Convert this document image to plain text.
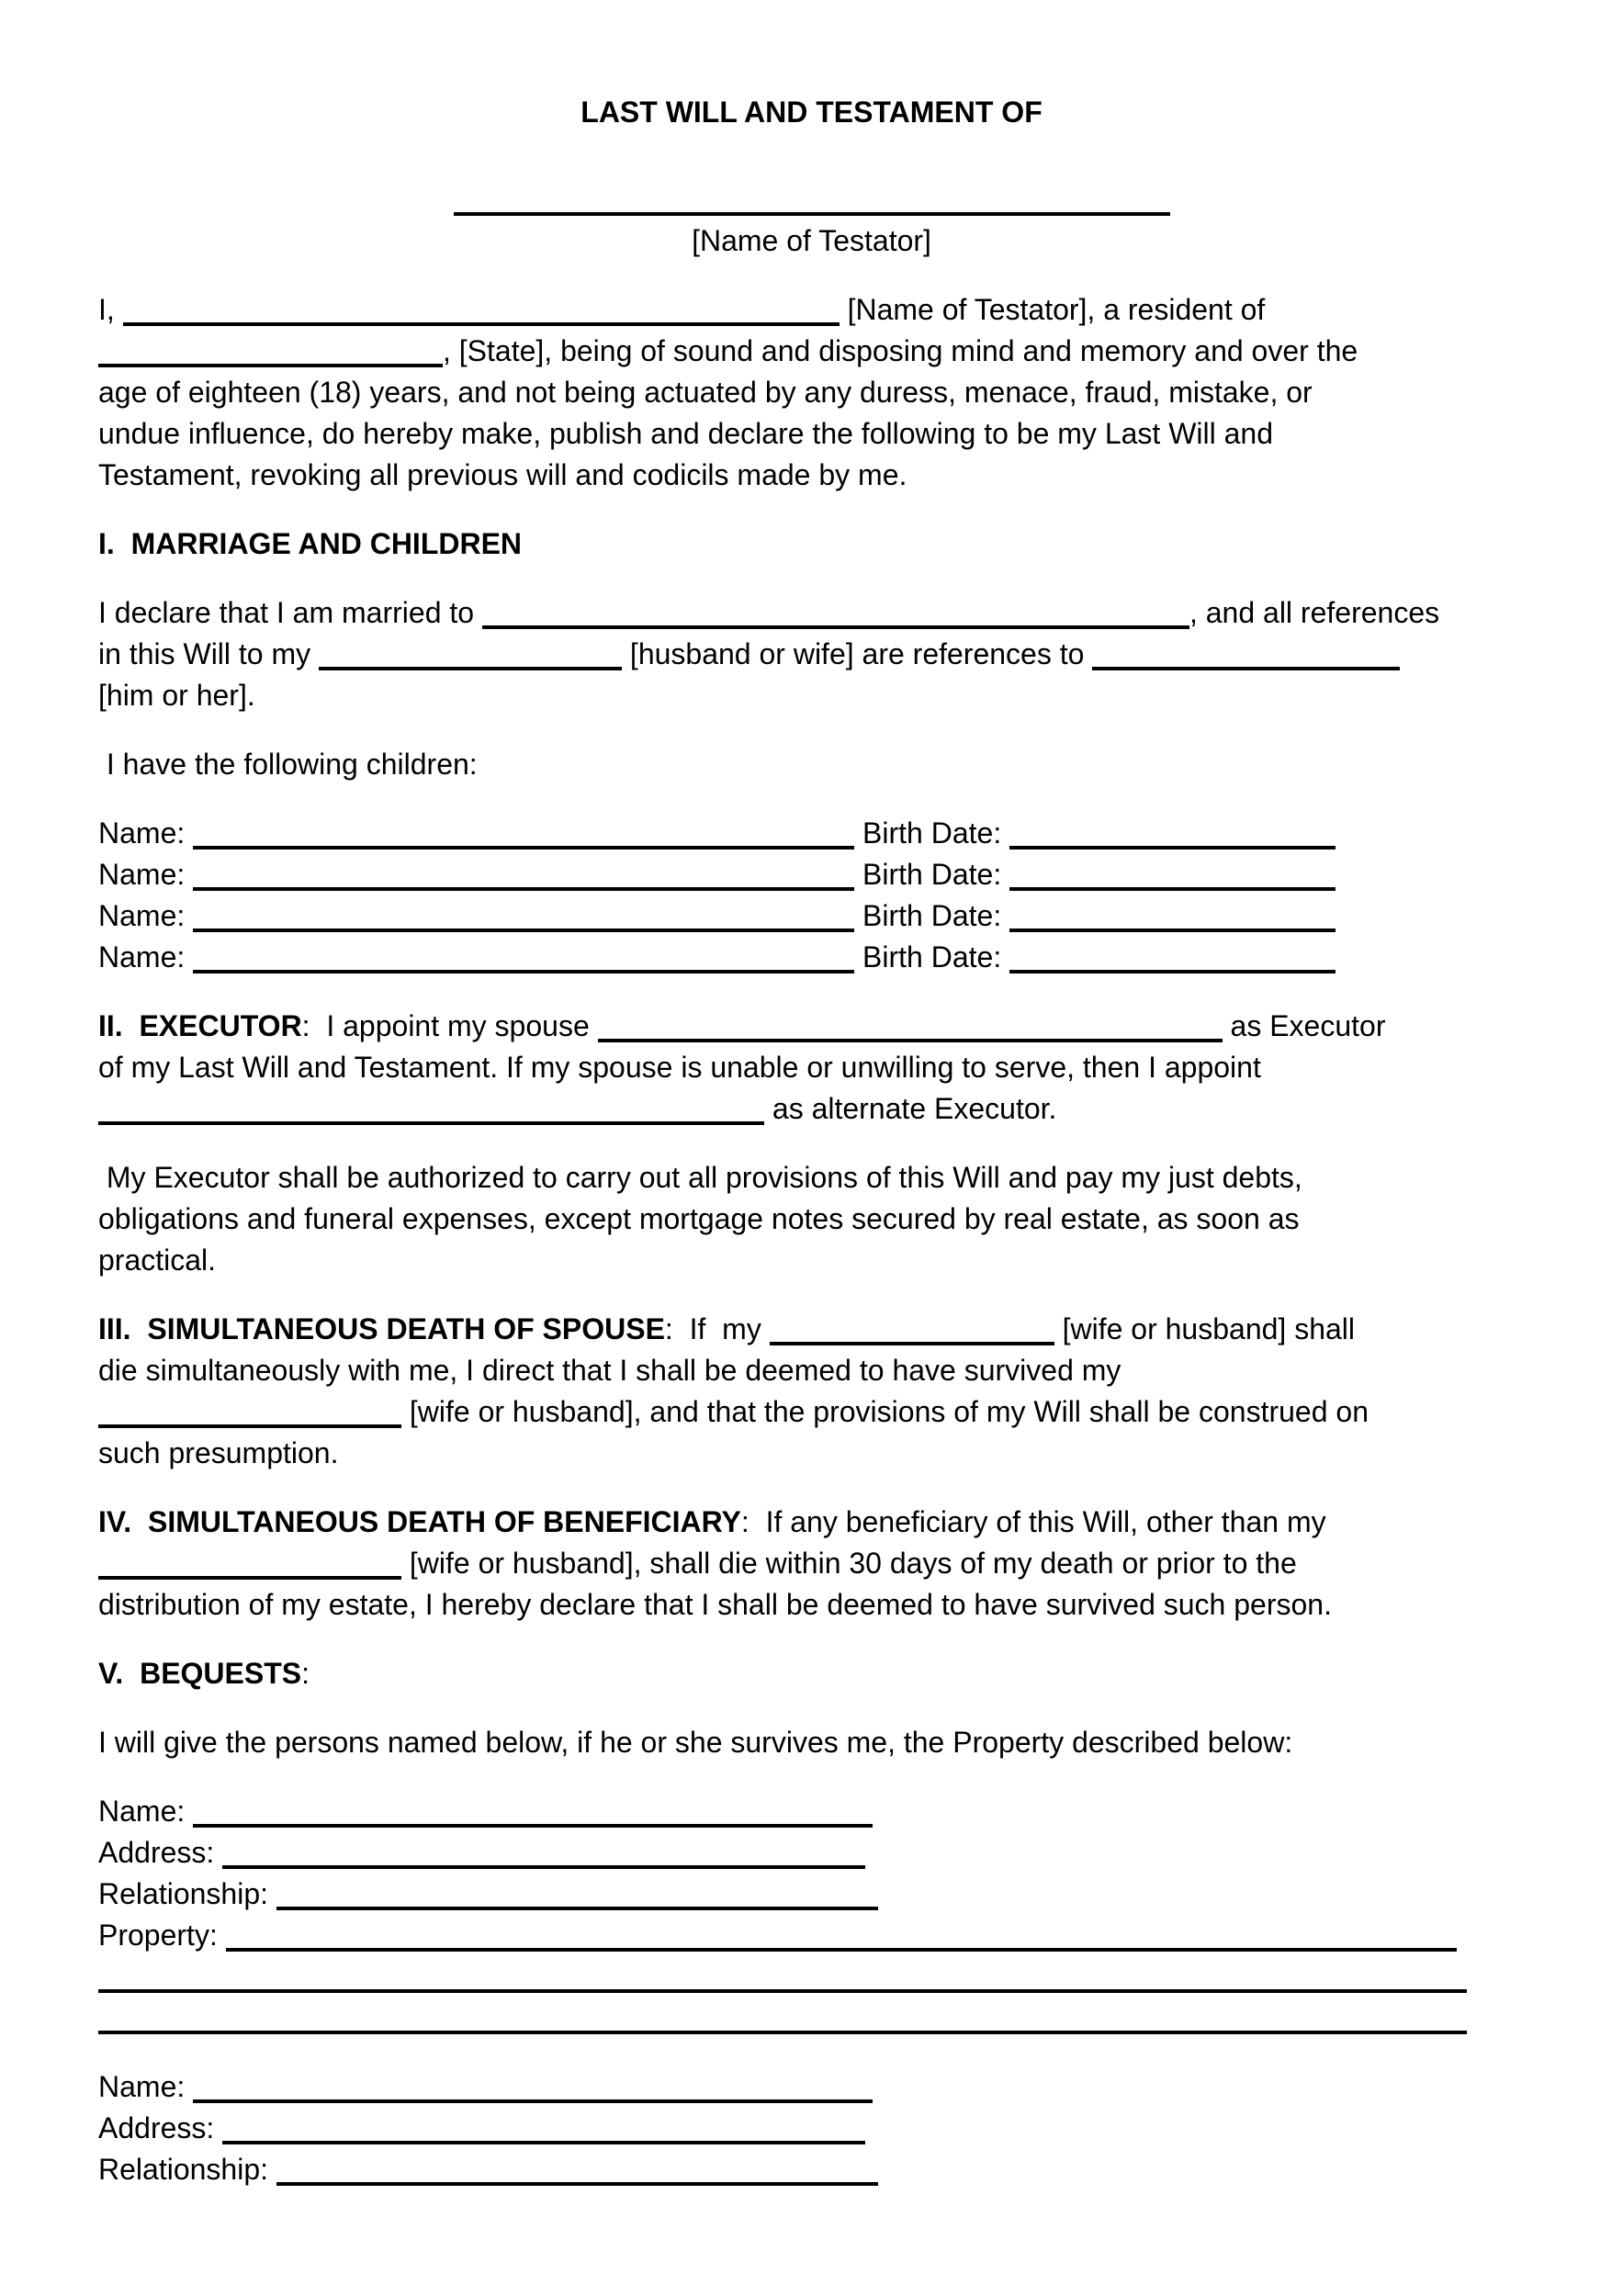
LAST WILL AND TESTAMENT OF
[Name of Testator]
I,	[Name of Testator], a resident of
, [State], being of sound and disposing mind and memory and over the
age of eighteen (18) years, and not being actuated by any duress, menace, fraud, mistake, or
undue influence, do hereby make, publish and declare the following to be my Last Will and
Testament, revoking all previous will and codicils made by me.
I.  MARRIAGE AND CHILDREN
I declare that I am married to	, and all references
in this Will to my	[husband or wife] are references to
[him or her].
I have the following children:
Name:	Birth Date:
Name:	Birth Date:
Name:	Birth Date:
Name:	Birth Date:
II.  EXECUTOR:  I appoint my spouse	as Executor
of my Last Will and Testament. If my spouse is unable or unwilling to serve, then I appoint
as alternate Executor.
My Executor shall be authorized to carry out all provisions of this Will and pay my just debts,
obligations and funeral expenses, except mortgage notes secured by real estate, as soon as
practical.
III.  SIMULTANEOUS DEATH OF SPOUSE:  If  my	[wife or husband] shall
die simultaneously with me, I direct that I shall be deemed to have survived my
[wife or husband], and that the provisions of my Will shall be construed on
such presumption.
IV.  SIMULTANEOUS DEATH OF BENEFICIARY:  If any beneficiary of this Will, other than my
[wife or husband], shall die within 30 days of my death or prior to the
distribution of my estate, I hereby declare that I shall be deemed to have survived such person.
V.  BEQUESTS:
I will give the persons named below, if he or she survives me, the Property described below:
Name:
Address:
Relationship:
Property:
Name:
Address:
Relationship:
